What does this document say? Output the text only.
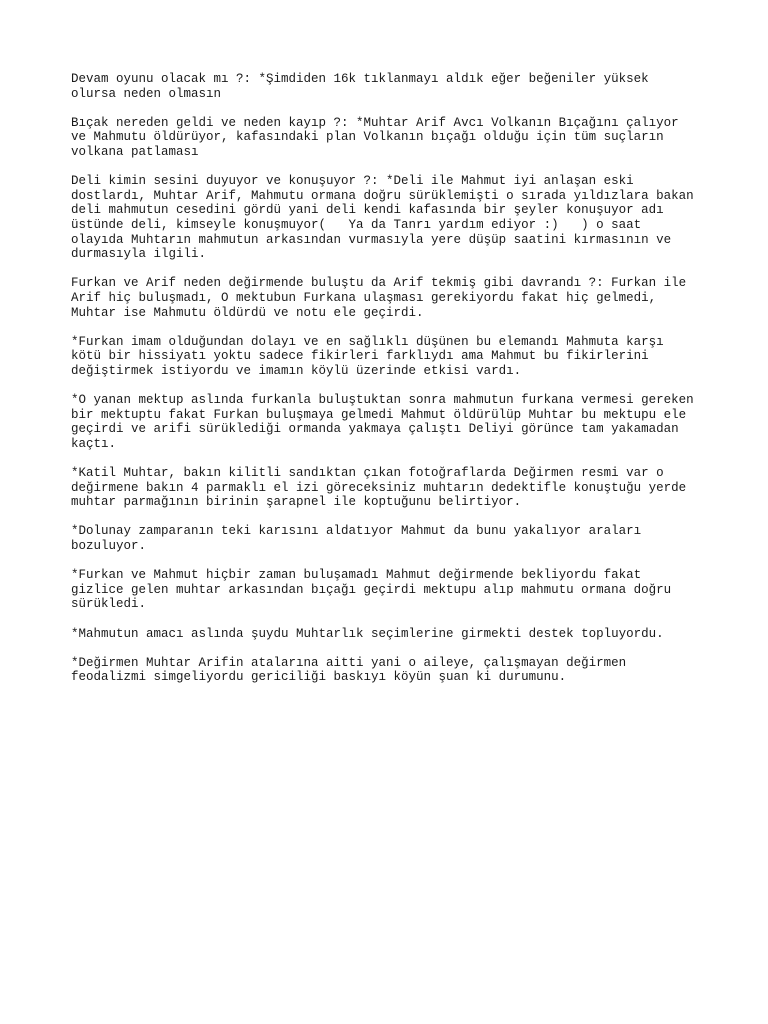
Devam oyunu olacak mı ?: *Şimdiden 16k tıklanmayı aldık eğer beğeniler yüksek
olursa neden olmasın

Bıçak nereden geldi ve neden kayıp ?: *Muhtar Arif Avcı Volkanın Bıçağını çalıyor
ve Mahmutu öldürüyor, kafasındaki plan Volkanın bıçağı olduğu için tüm suçların
volkana patlaması

Deli kimin sesini duyuyor ve konuşuyor ?: *Deli ile Mahmut iyi anlaşan eski
dostlardı, Muhtar Arif, Mahmutu ormana doğru sürüklemişti o sırada yıldızlara bakan
deli mahmutun cesedini gördü yani deli kendi kafasında bir şeyler konuşuyor adı
üstünde deli, kimseyle konuşmuyor(   Ya da Tanrı yardım ediyor :)   ) o saat
olayıda Muhtarın mahmutun arkasından vurmasıyla yere düşüp saatini kırmasının ve
durmasıyla ilgili.

Furkan ve Arif neden değirmende buluştu da Arif tekmiş gibi davrandı ?: Furkan ile
Arif hiç buluşmadı, O mektubun Furkana ulaşması gerekiyordu fakat hiç gelmedi,
Muhtar ise Mahmutu öldürdü ve notu ele geçirdi.

*Furkan imam olduğundan dolayı ve en sağlıklı düşünen bu elemandı Mahmuta karşı
kötü bir hissiyatı yoktu sadece fikirleri farklıydı ama Mahmut bu fikirlerini
değiştirmek istiyordu ve imamın köylü üzerinde etkisi vardı.

*O yanan mektup aslında furkanla buluştuktan sonra mahmutun furkana vermesi gereken
bir mektuptu fakat Furkan buluşmaya gelmedi Mahmut öldürülüp Muhtar bu mektupu ele
geçirdi ve arifi sürüklediği ormanda yakmaya çalıştı Deliyi görünce tam yakamadan
kaçtı.

*Katil Muhtar, bakın kilitli sandıktan çıkan fotoğraflarda Değirmen resmi var o
değirmene bakın 4 parmaklı el izi göreceksiniz muhtarın dedektifle konuştuğu yerde
muhtar parmağının birinin şarapnel ile koptuğunu belirtiyor.

*Dolunay zamparanın teki karısını aldatıyor Mahmut da bunu yakalıyor araları
bozuluyor.

*Furkan ve Mahmut hiçbir zaman buluşamadı Mahmut değirmende bekliyordu fakat
gizlice gelen muhtar arkasından bıçağı geçirdi mektupu alıp mahmutu ormana doğru
sürükledi.

*Mahmutun amacı aslında şuydu Muhtarlık seçimlerine girmekti destek topluyordu.

*Değirmen Muhtar Arifin atalarına aitti yani o aileye, çalışmayan değirmen
feodalizmi simgeliyordu gericiliği baskıyı köyün şuan ki durumunu.
